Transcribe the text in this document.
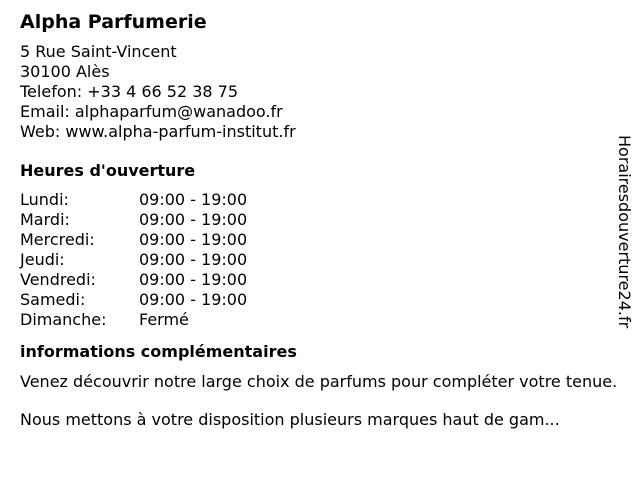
Alpha Parfumerie
5 Rue Saint-Vincent
30100 Alès
Telefon: +33 4 66 52 38 75
Email: alphaparfum@wanadoo.fr
Web: www.alpha-parfum-institut.fr
Heures d'ouverture
Lundi:	09:00 - 19:00
Mardi:	09:00 - 19:00
Mercredi:	09:00 - 19:00
Jeudi:	09:00 - 19:00
Vendredi:	09:00 - 19:00
Samedi:	09:00 - 19:00
Dimanche:	Fermé
informations complémentaires
Venez découvrir notre large choix de parfums pour compléter votre tenue.
Nous mettons à votre disposition plusieurs marques haut de gam...
Horairesdouverture24.fr
